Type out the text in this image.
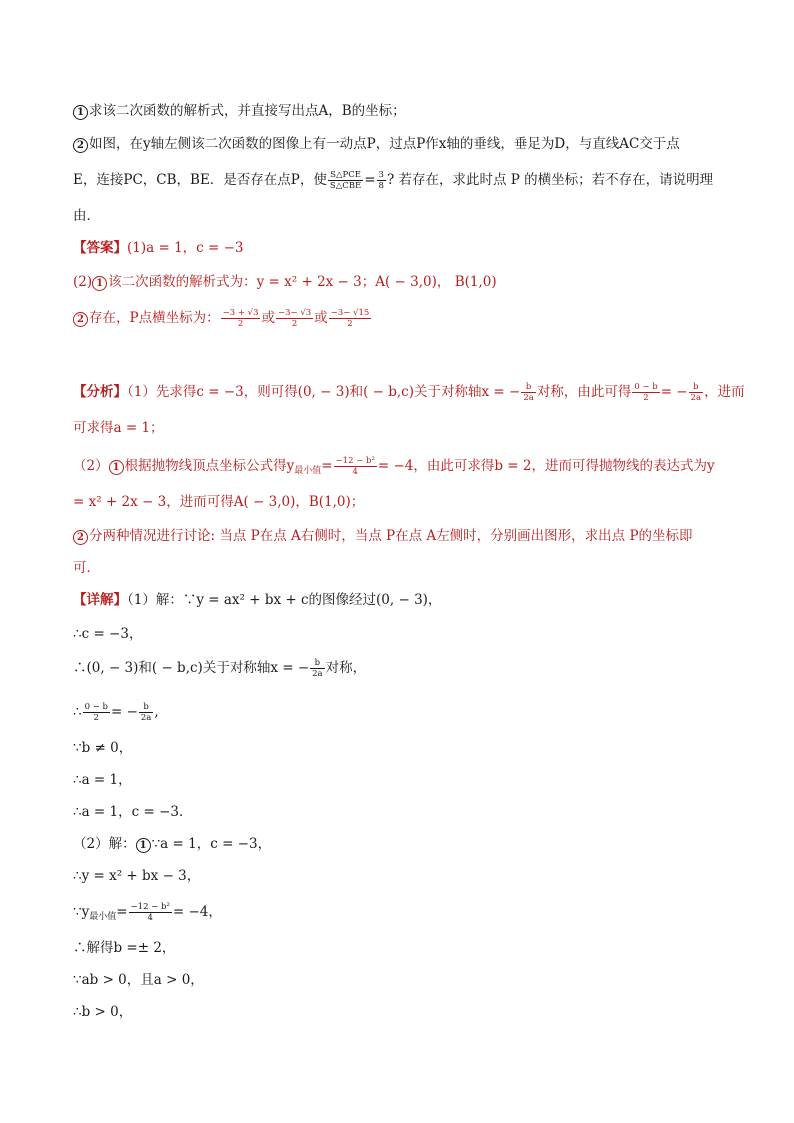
1 求该二次函数的解析式，并直接写出点A，B的坐标；
2 如图，在y轴左侧该二次函数的图像上有一动点P，过点P作x轴的垂线，垂足为D，与直线AC交于点
E，连接PC，CB，BE．是否存在点P，使 $\frac{\text{S△PCE}}{\text{S△CBE}} = \frac{3}{8}$ ? 若存在，求此时点 P 的横坐标；若不存在，请说明理
由．
【答案】(1)a = 1，c = −3
(2) 1 该二次函数的解析式为：y = x² + 2x − 3；A( − 3,0)， B(1,0)
2 存在，P点横坐标为： $\frac{-3 + √3}{2}$ 或 $\frac{-3- √3}{2}$ 或 $\frac{-3- √15}{2}$
【分析】（1）先求得c = −3，则可得(0, − 3)和( − b,c)关于对称轴x = − $\frac{b}{2a}$ 对称，由此可得 $\frac{0 - b}{2}$ = − $\frac{b}{2a}$ ，进而
可求得a = 1；
（2） 1 根据抛物线顶点坐标公式得$y_{最小值}= \frac{\text{−12 − b²}}{4} = -4$，由此可求得b = 2，进而可得抛物线的表达式为y
= x² + 2x − 3，进而可得A( − 3,0)，B(1,0)；
2 分两种情况进行讨论: 当点 P在点 A右侧时，当点 P在点 A左侧时，分别画出图形，求出点 P的坐标即
可．
【详解】（1）解：∵y = ax² + bx + c的图像经过(0, − 3)，
∴c = −3，
∴(0, − 3)和( − b,c)关于对称轴x = − $\frac{b}{2a}$ 对称，
∴ $\frac{0 - b}{2}$ = − $\frac{b}{2a}$ ,
∵b ≠ 0，
∴a = 1，
∴a = 1，c = −3．
（2）解： 1 ∵a = 1，c = −3，
∴y = x² + bx − 3，
$\because y_{最小值}= \frac{\text{−12 − b²}}{4} = -4$，
∴解得b =± 2，
∵ab > 0，且a > 0，
∴b > 0，
